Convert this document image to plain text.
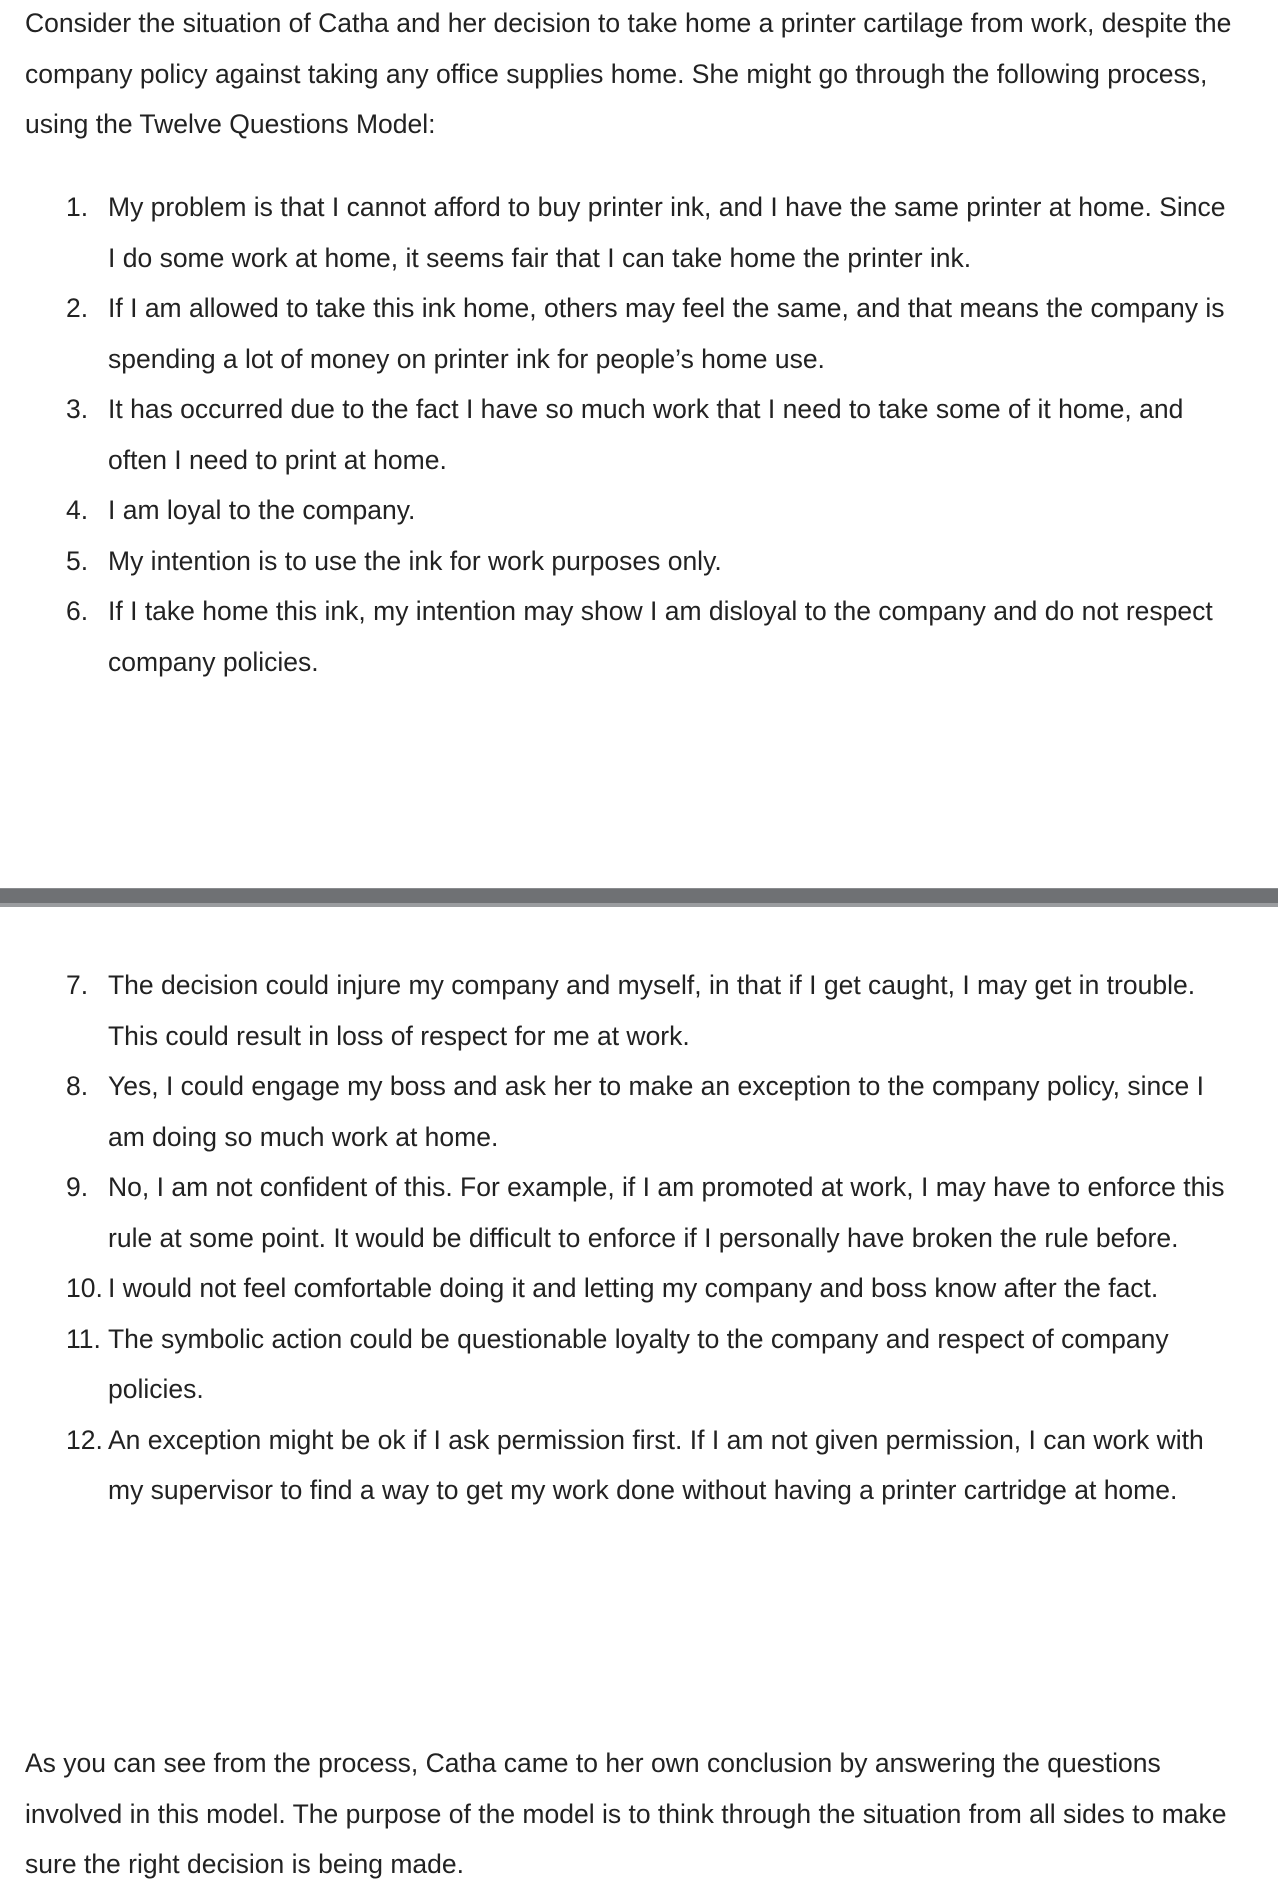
Consider the situation of Catha and her decision to take home a printer cartilage from work, despite the company policy against taking any office supplies home. She might go through the following process, using the Twelve Questions Model:

1. My problem is that I cannot afford to buy printer ink, and I have the same printer at home. Since I do some work at home, it seems fair that I can take home the printer ink.
2. If I am allowed to take this ink home, others may feel the same, and that means the company is spending a lot of money on printer ink for people’s home use.
3. It has occurred due to the fact I have so much work that I need to take some of it home, and often I need to print at home.
4. I am loyal to the company.
5. My intention is to use the ink for work purposes only.
6. If I take home this ink, my intention may show I am disloyal to the company and do not respect company policies.
7. The decision could injure my company and myself, in that if I get caught, I may get in trouble. This could result in loss of respect for me at work.
8. Yes, I could engage my boss and ask her to make an exception to the company policy, since I am doing so much work at home.
9. No, I am not confident of this. For example, if I am promoted at work, I may have to enforce this rule at some point. It would be difficult to enforce if I personally have broken the rule before.
10. I would not feel comfortable doing it and letting my company and boss know after the fact.
11. The symbolic action could be questionable loyalty to the company and respect of company policies.
12. An exception might be ok if I ask permission first. If I am not given permission, I can work with my supervisor to find a way to get my work done without having a printer cartridge at home.

As you can see from the process, Catha came to her own conclusion by answering the questions involved in this model. The purpose of the model is to think through the situation from all sides to make sure the right decision is being made.
